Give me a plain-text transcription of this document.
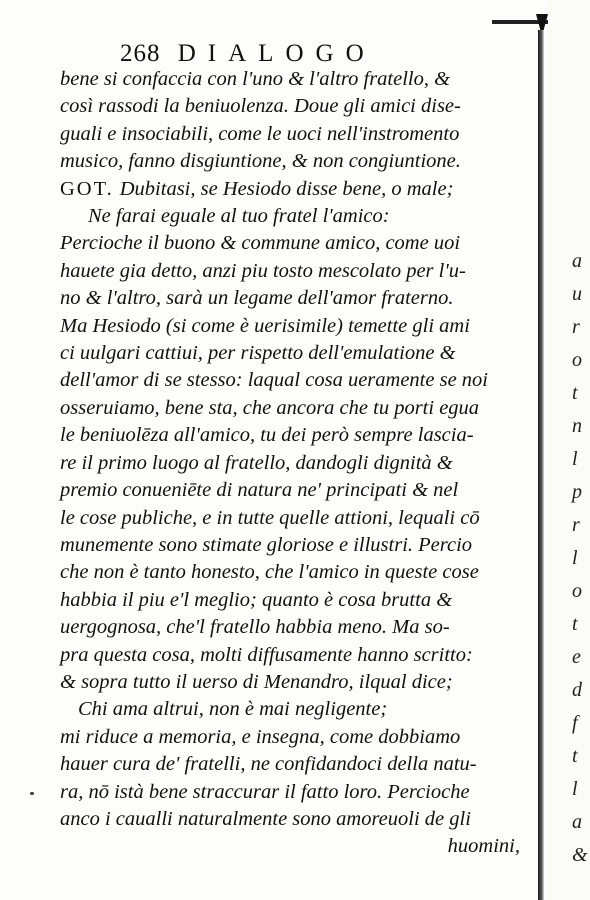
268 DIALOGO
bene si confaccia con l'uno & l'altro fratello, &
così rassodi la beniuolenza. Doue gli amici dise-
guali e insociabili, come le uoci nell'instromento
musico, fanno disgiuntione, & non congiuntione.
GOT. Dubitasi, se Hesiodo disse bene, o male;
Ne farai eguale al tuo fratel l'amico:
Percioche il buono & commune amico, come uoi
hauete gia detto, anzi piu tosto mescolato per l'u-
no & l'altro, sarà un legame dell'amor fraterno.
Ma Hesiodo (si come è uerisimile) temette gli ami
ci uulgari cattiui, per rispetto dell'emulatione &
dell'amor di se stesso: laqual cosa ueramente se noi
osseruiamo, bene sta, che ancora che tu porti egua
le beniuolēza all'amico, tu dei però sempre lascia-
re il primo luogo al fratello, dandogli dignità &
premio conueniēte di natura ne' principati & nel
le cose publiche, e in tutte quelle attioni, lequali cō
munemente sono stimate gloriose e illustri. Percio
che non è tanto honesto, che l'amico in queste cose
habbia il piu e'l meglio; quanto è cosa brutta &
uergognosa, che'l fratello habbia meno. Ma so-
pra questa cosa, molti diffusamente hanno scritto:
& sopra tutto il uerso di Menandro, ilqual dice;
Chi ama altrui, non è mai negligente;
mi riduce a memoria, e insegna, come dobbiamo
hauer cura de' fratelli, ne confidandoci della natu-
ra, nō istà bene straccurar il fatto loro. Percioche
anco i caualli naturalmente sono amoreuoli de gli
huomini,
a
u
r
o
t
n
l
p
r
l
o
t
e
d
f
t
l
a
&
